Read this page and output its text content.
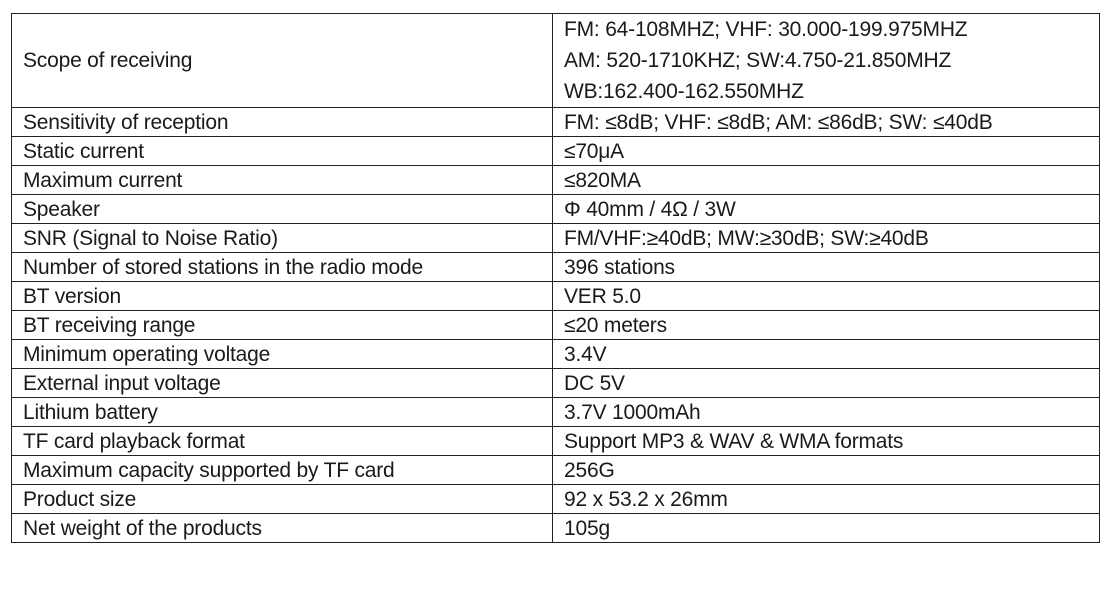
Scope of receiving	FM: 64-108MHZ; VHF: 30.000-199.975MHZ
AM: 520-1710KHZ; SW:4.750-21.850MHZ
WB:162.400-162.550MHZ

Sensitivity of reception	FM: ≤8dB; VHF: ≤8dB; AM: ≤86dB; SW: ≤40dB
Static current	≤70μA
Maximum current	≤820MA
Speaker	Φ 40mm / 4Ω / 3W
SNR (Signal to Noise Ratio)	FM/VHF:≥40dB; MW:≥30dB; SW:≥40dB
Number of stored stations in the radio mode	396 stations
BT version	VER 5.0
BT receiving range	≤20 meters
Minimum operating voltage	3.4V
External input voltage	DC 5V
Lithium battery	3.7V 1000mAh
TF card playback format	Support MP3 & WAV & WMA formats
Maximum capacity supported by TF card	256G
Product size	92 x 53.2 x 26mm
Net weight of the products	105g
